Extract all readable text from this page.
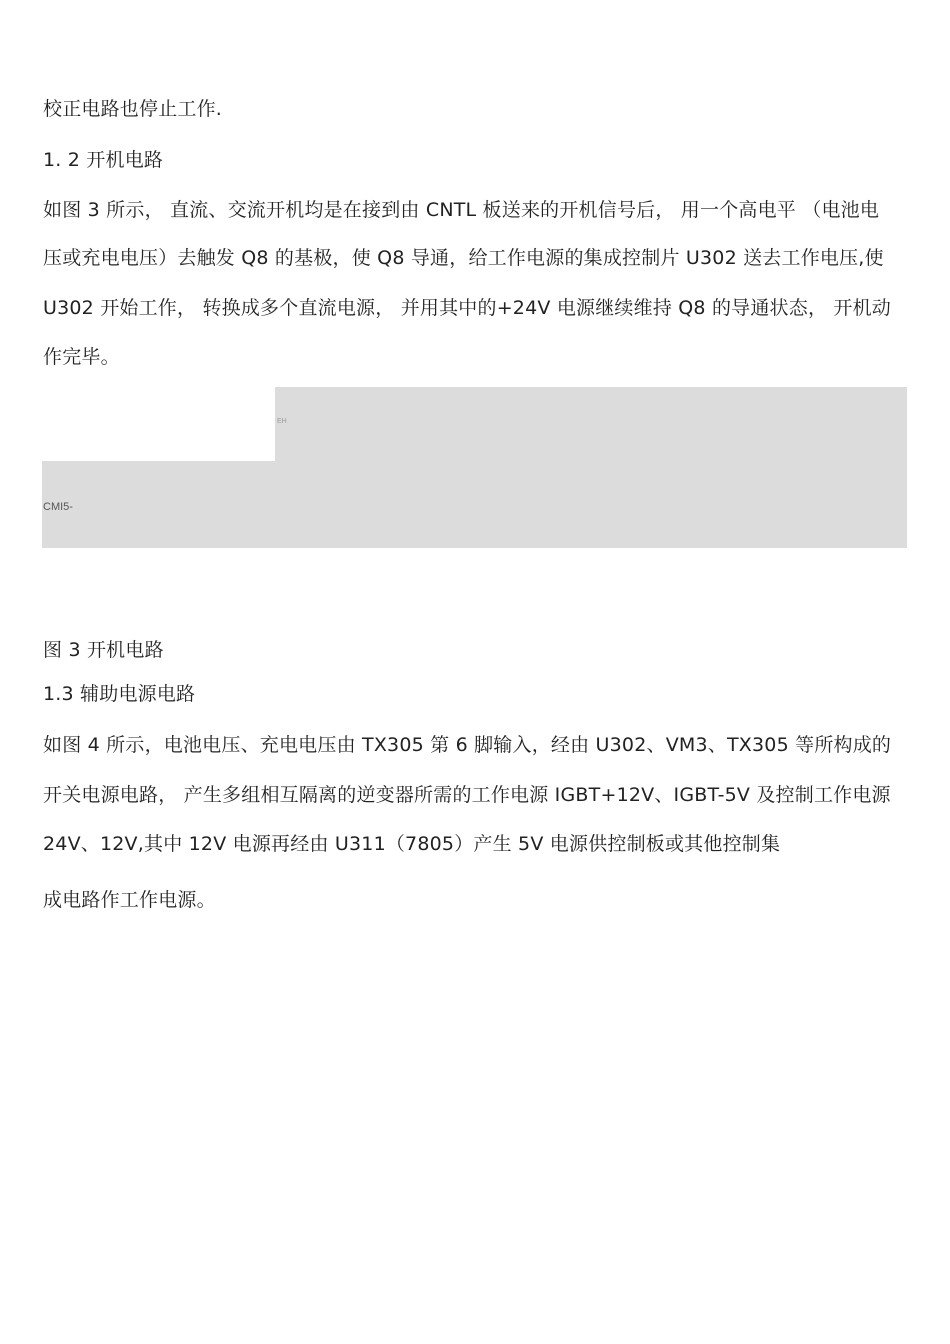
校正电路也停止工作.
1. 2 开机电路
如图 3 所示， 直流、交流开机均是在接到由 CNTL 板送来的开机信号后， 用一个高电平 （电池电
压或充电电压）去触发 Q8 的基极，使 Q8 导通，给工作电源的集成控制片 U302 送去工作电压,使
U302 开始工作， 转换成多个直流电源， 并用其中的+24V 电源继续维持 Q8 的导通状态， 开机动
作完毕。
EH
CMI5-
图 3 开机电路
1.3 辅助电源电路
如图 4 所示，电池电压、充电电压由 TX305 第 6 脚输入，经由 U302、VM3、TX305 等所构成的
开关电源电路， 产生多组相互隔离的逆变器所需的工作电源 IGBT+12V、IGBT-5V 及控制工作电源
24V、12V,其中 12V 电源再经由 U311（7805）产生 5V 电源供控制板或其他控制集
成电路作工作电源。
